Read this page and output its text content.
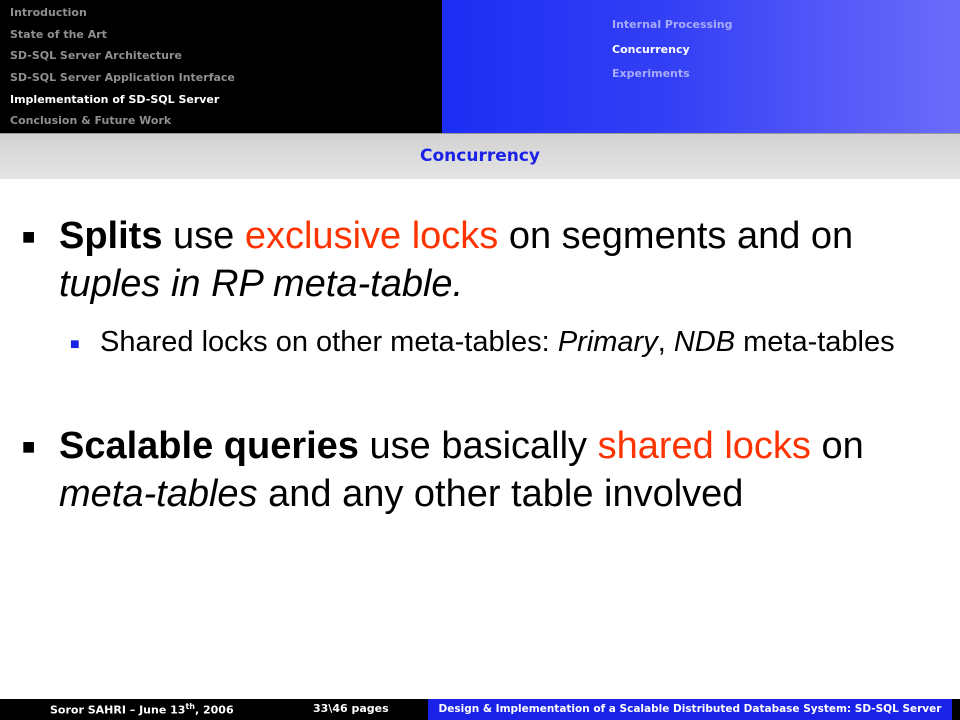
Introduction
State of the Art
SD-SQL Server Architecture
SD-SQL Server Application Interface
Implementation of SD-SQL Server
Conclusion & Future Work
Internal Processing
Concurrency
Experiments
Concurrency
■ Splits use exclusive locks on segments and on tuples in RP meta-table.
■ Shared locks on other meta-tables: Primary, NDB meta-tables
■ Scalable queries use basically shared locks on meta-tables and any other table involved
Soror SAHRI – June 13th, 2006	33\46 pages	Design & Implementation of a Scalable Distributed Database System: SD-SQL Server
